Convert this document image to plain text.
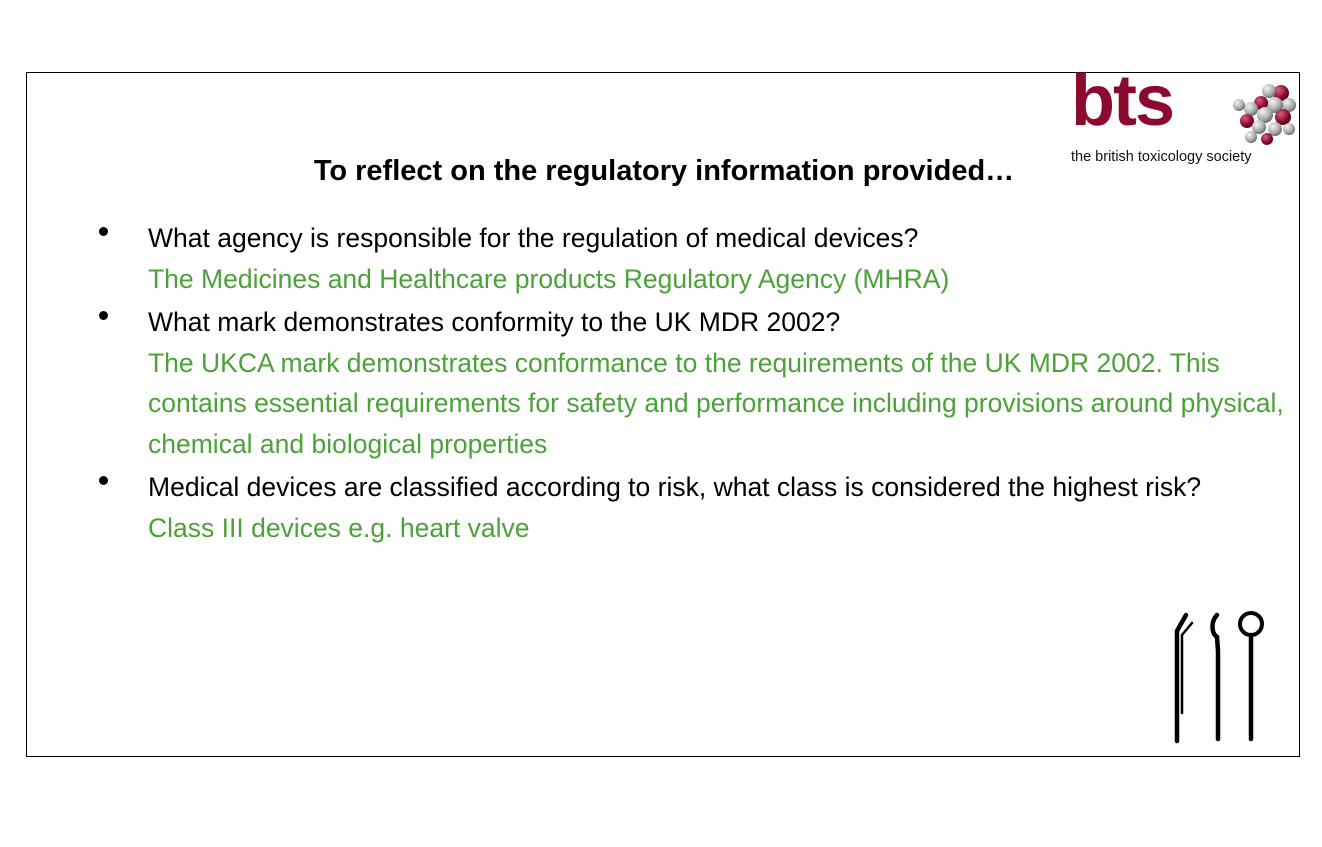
bts
the british toxicology society
To reflect on the regulatory information provided…
What agency is responsible for the regulation of medical devices?
The Medicines and Healthcare products Regulatory Agency (MHRA)
What mark demonstrates conformity to the UK MDR 2002?
The UKCA mark demonstrates conformance to the requirements of the UK MDR 2002. This contains essential requirements for safety and performance including provisions around physical, chemical and biological properties
Medical devices are classified according to risk, what class is considered the highest risk?
Class III devices e.g. heart valve
